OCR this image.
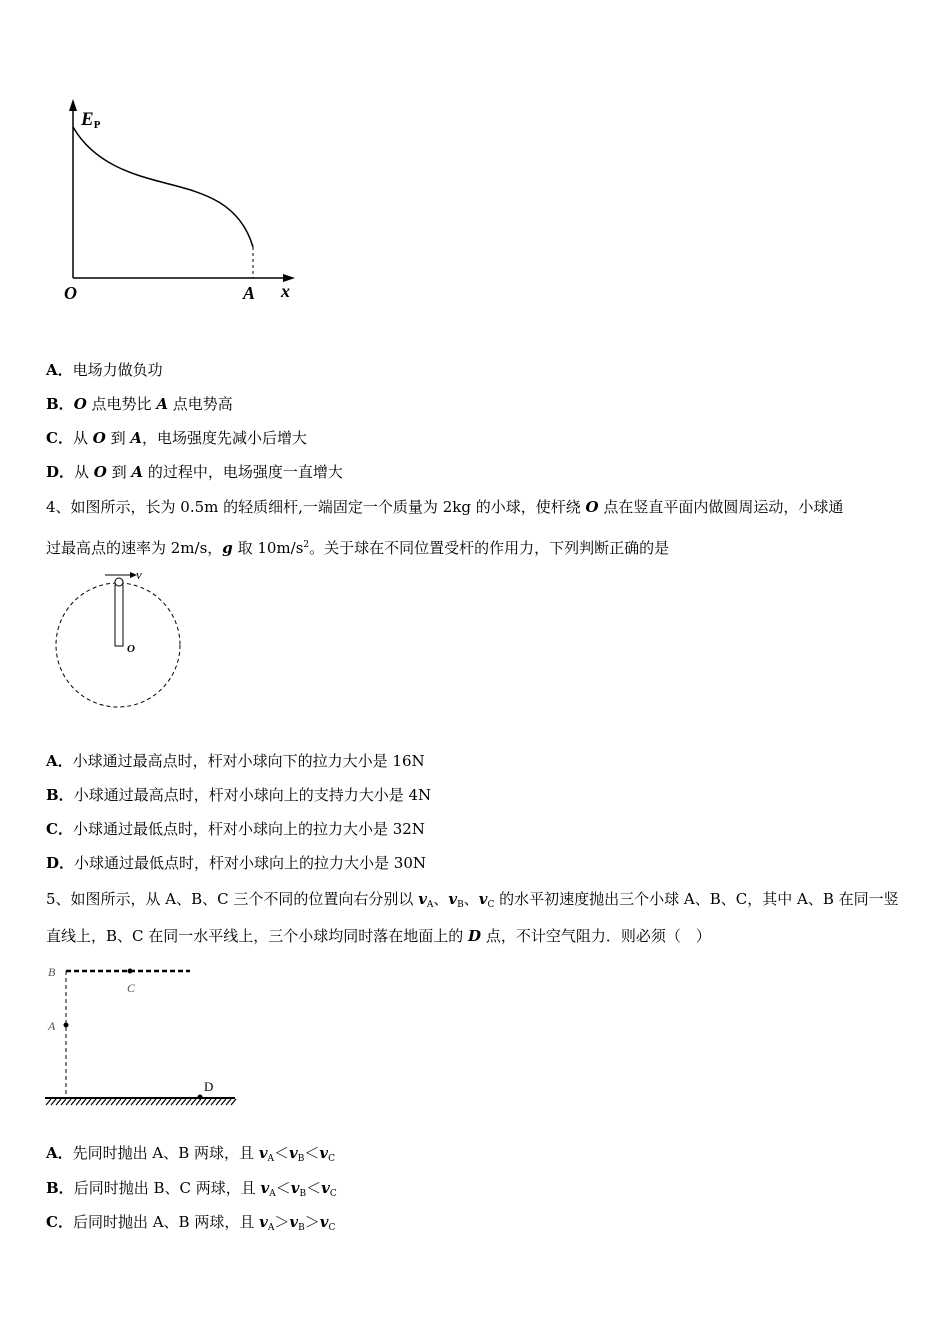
EP
O	A x
v
O
B
C
A
D
A．电场力做负功
B．O 点电势比 A 点电势高
C．从 O 到 A，电场强度先减小后增大
D．从 O 到 A 的过程中，电场强度一直增大
4、如图所示，长为 0.5m 的轻质细杆,一端固定一个质量为 2kg 的小球，使杆绕 O 点在竖直平面内做圆周运动，小球通
过最高点的速率为 2m/s，g 取 $10m/s^2$。关于球在不同位置受杆的作用力，下列判断正确的是
A．小球通过最高点时，杆对小球向下的拉力大小是 16N
B．小球通过最高点时，杆对小球向上的支持力大小是 4N
C．小球通过最低点时，杆对小球向上的拉力大小是 32N
D．小球通过最低点时，杆对小球向上的拉力大小是 30N
5、如图所示，从 A、B、C 三个不同的位置向右分别以 $v_A$、$v_B$、$v_C$ 的水平初速度抛出三个小球 A、B、C，其中 A、B 在同一竖
直线上，B、C 在同一水平线上，三个小球均同时落在地面上的 D 点，不计空气阻力．则必须（　）
A．先同时抛出 A、B 两球，且 $v_A<v_B<v_C$
B．后同时抛出 B、C 两球，且 $v_A<v_B<v_C$
C．后同时抛出 A、B 两球，且 $v_A>v_B>v_C$
